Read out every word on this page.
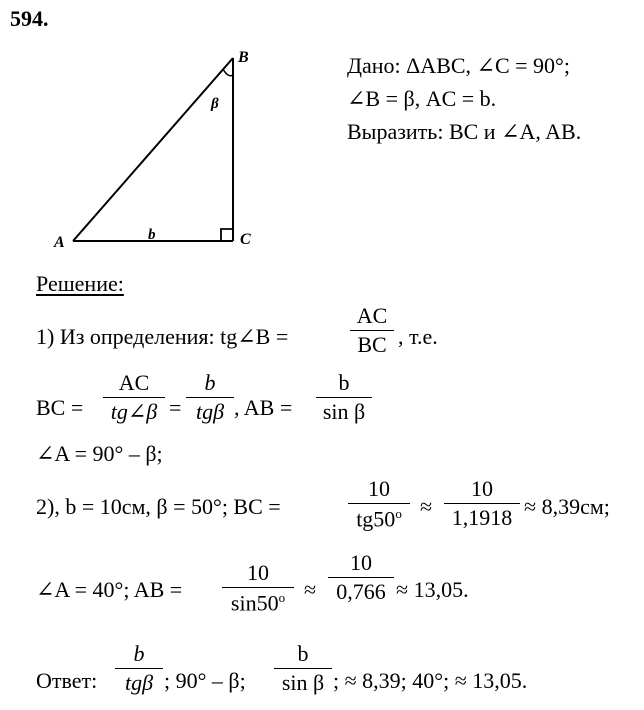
594.
A
B
C
β
b
Дано: ΔABC, ∠C = 90°;
∠B = β, AC = b.
Выразить: BC и ∠A, AB.
Решение:
1) Из определения: tg∠B =
AC
BC , т.е.
BC =
AC
tg∠β =
b
tgβ , AB =
b
sin β
∠A = 90° – β;
2), b = 10см, β = 50°; BC =
10
$tg50^o$ ≈
10
1,1918 ≈ 8,39см;
∠A = 40°; AB =
10
$\sin 50^o$ ≈
10
0,766 ≈ 13,05.
Ответ:
b
tgβ ; 90° – β;
b
sin β ; ≈ 8,39; 40°; ≈ 13,05.
